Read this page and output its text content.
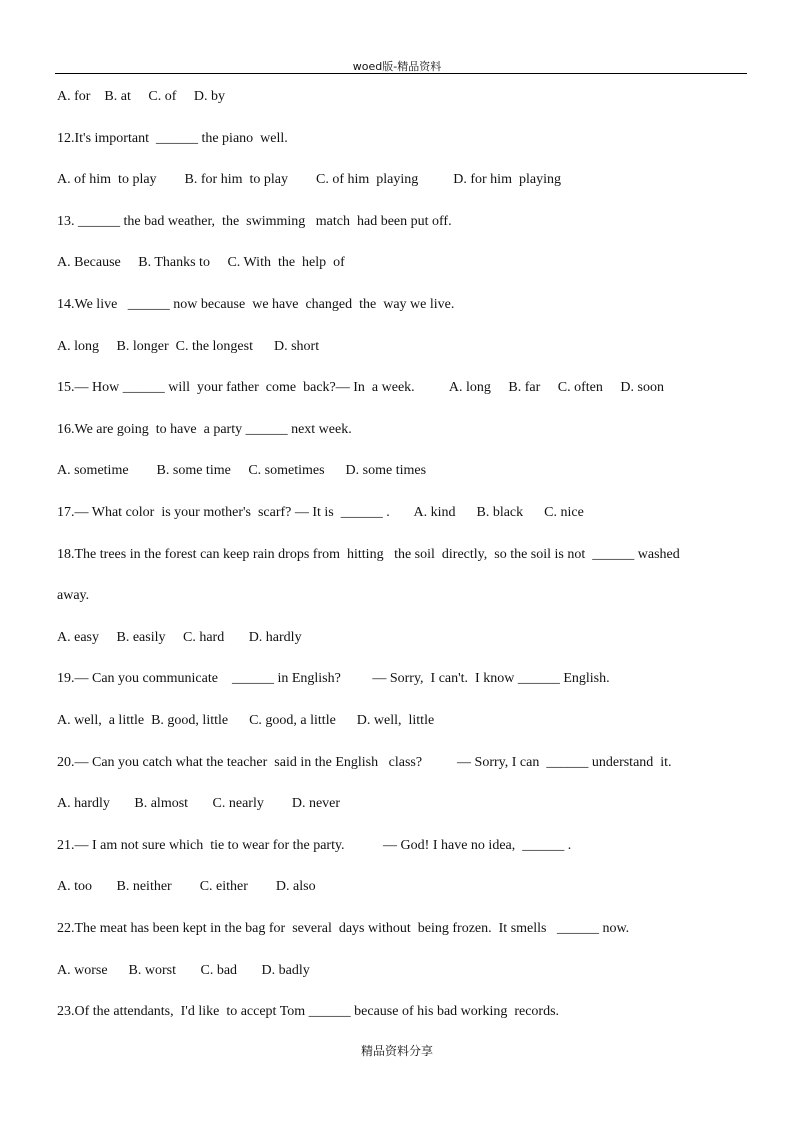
woed版-精品资料
A. for    B. at     C. of     D. by
12.It's important  ______ the piano  well.
A. of him  to play        B. for him  to play        C. of him  playing          D. for him  playing
13. ______ the bad weather,  the  swimming   match  had been put off.
A. Because     B. Thanks to     C. With  the  help  of
14.We live   ______ now because  we have  changed  the  way we live.
A. long     B. longer  C. the longest      D. short
15.— How ______ will  your father  come  back?— In  a week.          A. long     B. far     C. often     D. soon
16.We are going  to have  a party ______ next week.
A. sometime        B. some time     C. sometimes      D. some times
17.— What color  is your mother's  scarf? — It is  ______ .       A. kind      B. black      C. nice
18.The trees in the forest can keep rain drops from  hitting   the soil  directly,  so the soil is not  ______ washed
away.
A. easy     B. easily     C. hard       D. hardly
19.— Can you communicate    ______ in English?         — Sorry,  I can't.  I know ______ English.
A. well,  a little  B. good, little      C. good, a little      D. well,  little
20.— Can you catch what the teacher  said in the English   class?          — Sorry, I can  ______ understand  it.
A. hardly       B. almost       C. nearly        D. never
21.— I am not sure which  tie to wear for the party.           — God! I have no idea,  ______ .
A. too       B. neither        C. either        D. also
22.The meat has been kept in the bag for  several  days without  being frozen.  It smells   ______ now.
A. worse      B. worst       C. bad       D. badly
23.Of the attendants,  I'd like  to accept Tom ______ because of his bad working  records.
精品资料分享
